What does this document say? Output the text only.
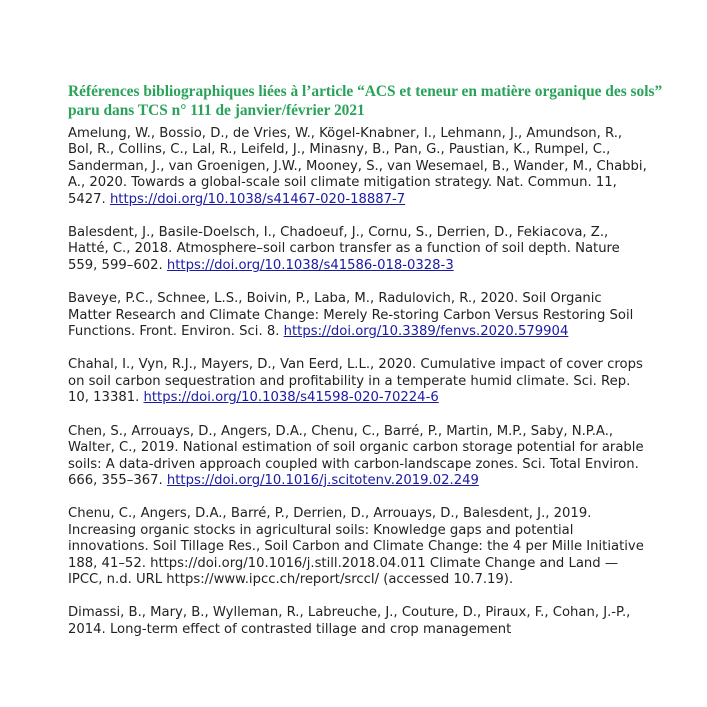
Références bibliographiques liées à l’article “ACS et teneur en matière organique des sols” paru dans TCS n° 111 de janvier/février 2021

Amelung, W., Bossio, D., de Vries, W., Kögel-Knabner, I., Lehmann, J., Amundson, R., Bol, R., Collins, C., Lal, R., Leifeld, J., Minasny, B., Pan, G., Paustian, K., Rumpel, C., Sanderman, J., van Groenigen, J.W., Mooney, S., van Wesemael, B., Wander, M., Chabbi, A., 2020. Towards a global-scale soil climate mitigation strategy. Nat. Commun. 11, 5427. https://doi.org/10.1038/s41467-020-18887-7

Balesdent, J., Basile-Doelsch, I., Chadoeuf, J., Cornu, S., Derrien, D., Fekiacova, Z., Hatté, C., 2018. Atmosphere–soil carbon transfer as a function of soil depth. Nature 559, 599–602. https://doi.org/10.1038/s41586-018-0328-3

Baveye, P.C., Schnee, L.S., Boivin, P., Laba, M., Radulovich, R., 2020. Soil Organic Matter Research and Climate Change: Merely Re-storing Carbon Versus Restoring Soil Functions. Front. Environ. Sci. 8. https://doi.org/10.3389/fenvs.2020.579904

Chahal, I., Vyn, R.J., Mayers, D., Van Eerd, L.L., 2020. Cumulative impact of cover crops on soil carbon sequestration and profitability in a temperate humid climate. Sci. Rep. 10, 13381. https://doi.org/10.1038/s41598-020-70224-6

Chen, S., Arrouays, D., Angers, D.A., Chenu, C., Barré, P., Martin, M.P., Saby, N.P.A., Walter, C., 2019. National estimation of soil organic carbon storage potential for arable soils: A data-driven approach coupled with carbon-landscape zones. Sci. Total Environ. 666, 355–367. https://doi.org/10.1016/j.scitotenv.2019.02.249

Chenu, C., Angers, D.A., Barré, P., Derrien, D., Arrouays, D., Balesdent, J., 2019. Increasing organic stocks in agricultural soils: Knowledge gaps and potential innovations. Soil Tillage Res., Soil Carbon and Climate Change: the 4 per Mille Initiative 188, 41–52. https://doi.org/10.1016/j.still.2018.04.011 Climate Change and Land — IPCC, n.d. URL https://www.ipcc.ch/report/srccl/ (accessed 10.7.19).

Dimassi, B., Mary, B., Wylleman, R., Labreuche, J., Couture, D., Piraux, F., Cohan, J.-P., 2014. Long-term effect of contrasted tillage and crop management
